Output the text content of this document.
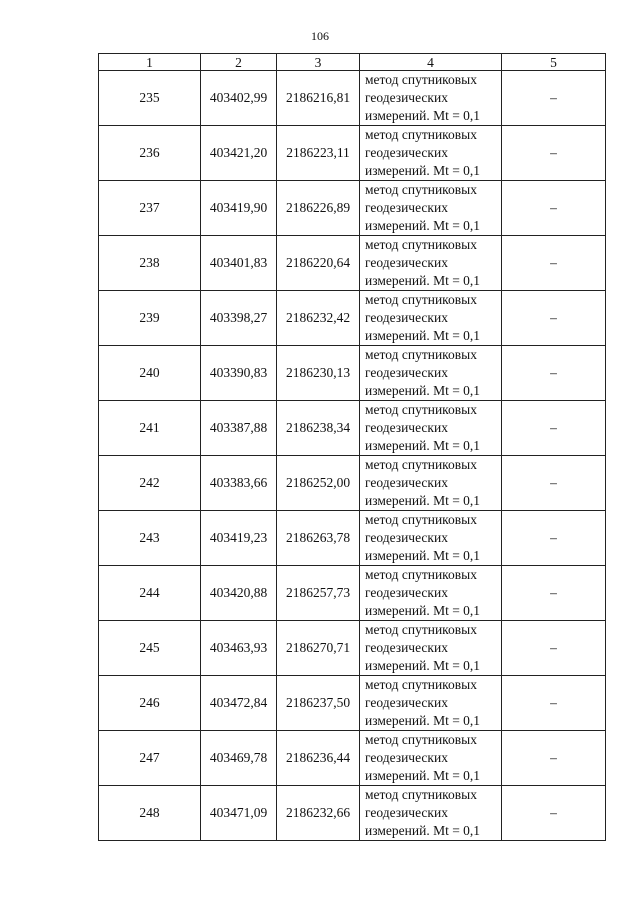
106
1	2	3	4	5
235	403402,99	2186216,81	метод спутниковых
геодезических
измерений. Mt = 0,1	–
236	403421,20	2186223,11	метод спутниковых
геодезических
измерений. Mt = 0,1	–
237	403419,90	2186226,89	метод спутниковых
геодезических
измерений. Mt = 0,1	–
238	403401,83	2186220,64	метод спутниковых
геодезических
измерений. Mt = 0,1	–
239	403398,27	2186232,42	метод спутниковых
геодезических
измерений. Mt = 0,1	–
240	403390,83	2186230,13	метод спутниковых
геодезических
измерений. Mt = 0,1	–
241	403387,88	2186238,34	метод спутниковых
геодезических
измерений. Mt = 0,1	–
242	403383,66	2186252,00	метод спутниковых
геодезических
измерений. Mt = 0,1	–
243	403419,23	2186263,78	метод спутниковых
геодезических
измерений. Mt = 0,1	–
244	403420,88	2186257,73	метод спутниковых
геодезических
измерений. Mt = 0,1	–
245	403463,93	2186270,71	метод спутниковых
геодезических
измерений. Mt = 0,1	–
246	403472,84	2186237,50	метод спутниковых
геодезических
измерений. Mt = 0,1	–
247	403469,78	2186236,44	метод спутниковых
геодезических
измерений. Mt = 0,1	–
248	403471,09	2186232,66	метод спутниковых
геодезических
измерений. Mt = 0,1	–
